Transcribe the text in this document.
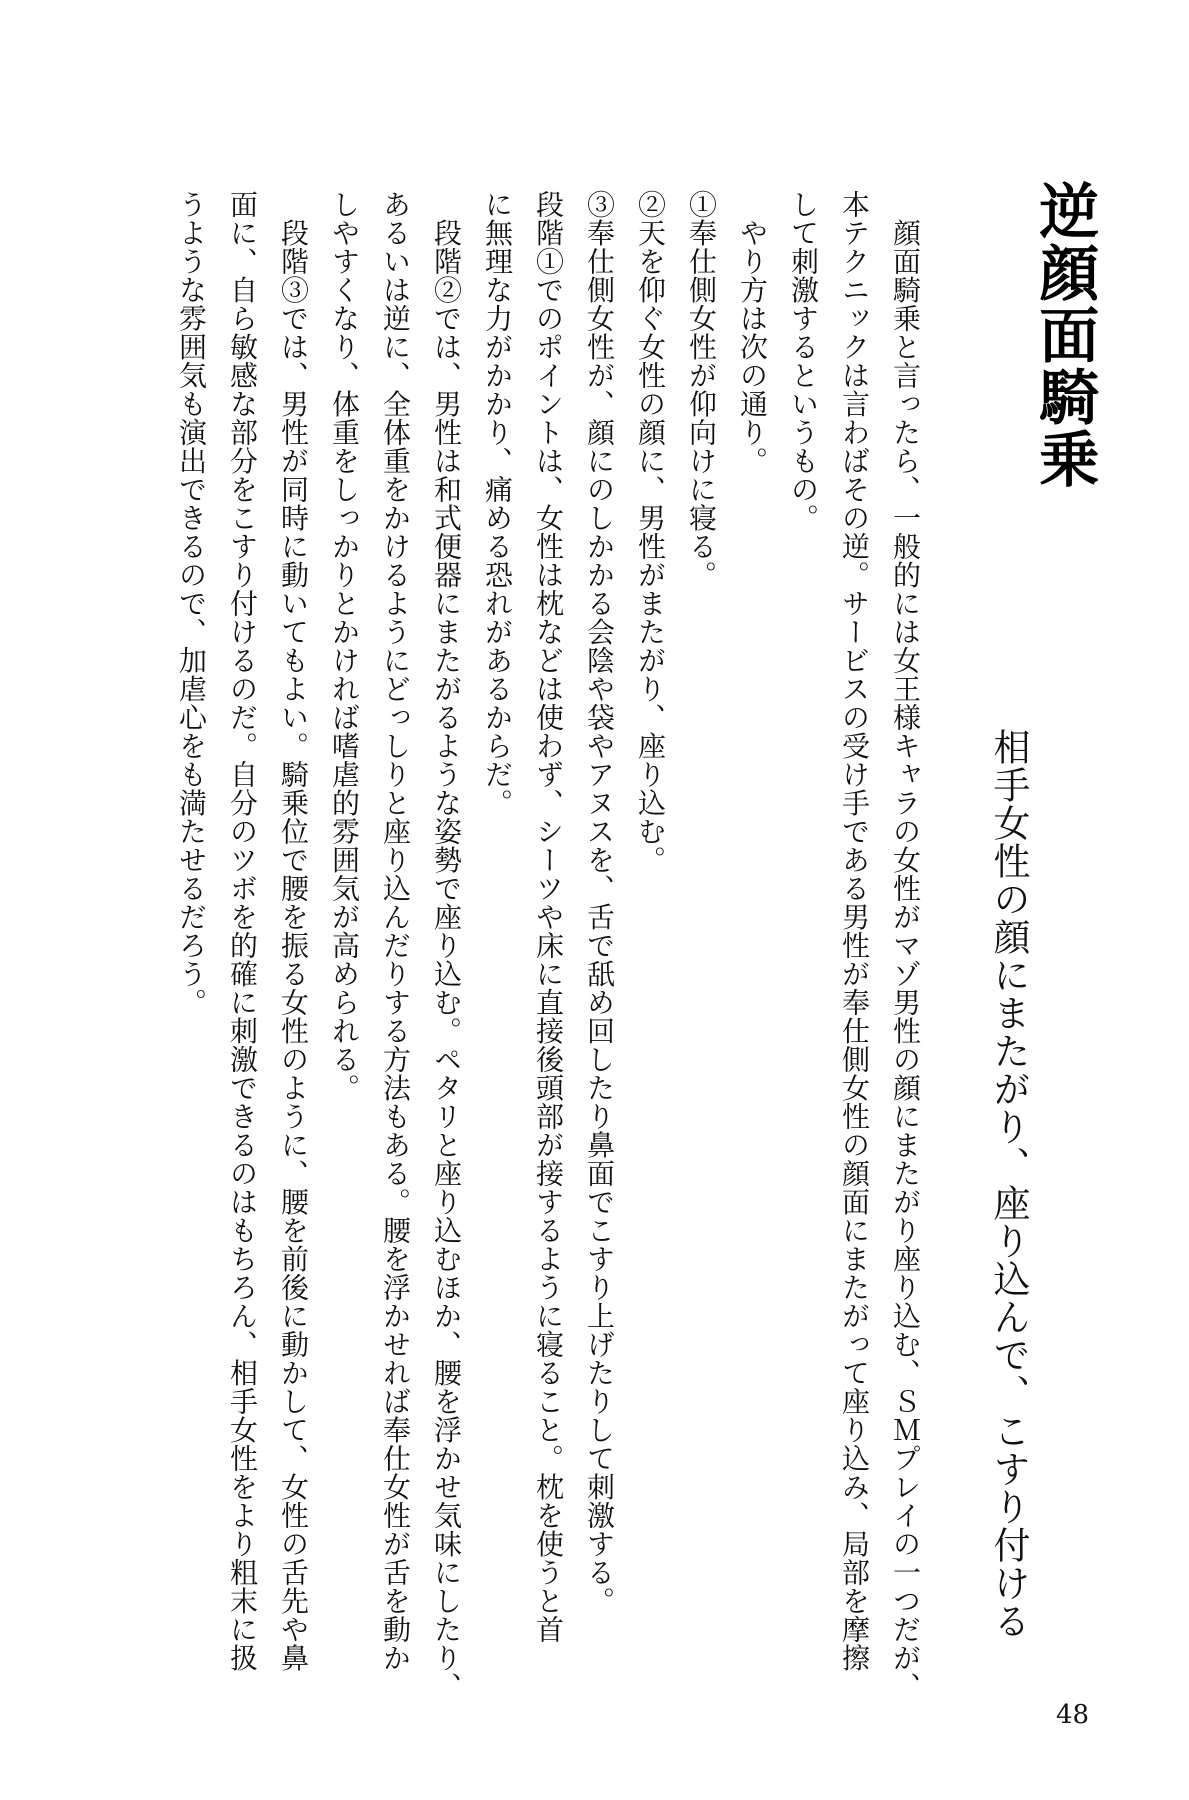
逆顔面騎乗
相手女性の顔にまたがり、座り込んで、こすり付ける

　顔面騎乗と言ったら、一般的には女王様キャラの女性がマゾ男性の顔にまたがり座り込む、ＳＭプレイの一つだが、

本テクニックは言わばその逆。サービスの受け手である男性が奉仕側女性の顔面にまたがって座り込み、局部を摩擦

して刺激するというもの。

　やり方は次の通り。

①奉仕側女性が仰向けに寝る。

②天を仰ぐ女性の顔に、男性がまたがり、座り込む。

③奉仕側女性が、顔にのしかかる会陰や袋やアヌスを、舌で舐め回したり鼻面でこすり上げたりして刺激する。

段階①でのポイントは、女性は枕などは使わず、シーツや床に直接後頭部が接するように寝ること。枕を使うと首

に無理な力がかかり、痛める恐れがあるからだ。

　段階②では、男性は和式便器にまたがるような姿勢で座り込む。ペタリと座り込むほか、腰を浮かせ気味にしたり、

あるいは逆に、全体重をかけるようにどっしりと座り込んだりする方法もある。腰を浮かせれば奉仕女性が舌を動か

しやすくなり、体重をしっかりとかければ嗜虐的雰囲気が高められる。

　段階③では、男性が同時に動いてもよい。騎乗位で腰を振る女性のように、腰を前後に動かして、女性の舌先や鼻

面に、自ら敏感な部分をこすり付けるのだ。自分のツボを的確に刺激できるのはもちろん、相手女性をより粗末に扱

うような雰囲気も演出できるので、加虐心をも満たせるだろう。

48
